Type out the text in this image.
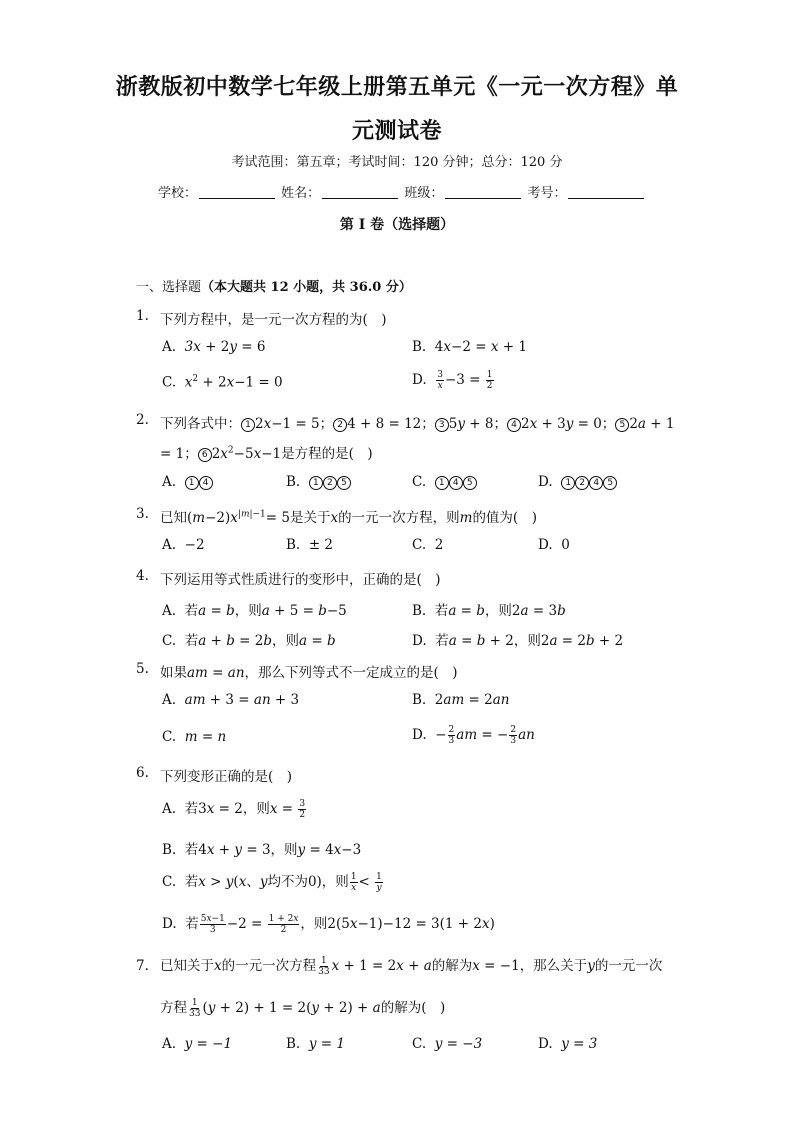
浙教版初中数学七年级上册第五单元《一元一次方程》单
元测试卷
考试范围：第五章；考试时间：120 分钟；总分：120 分
学校：	姓名：	班级：	考号：
第 I 卷（选择题）
一、选择题（本大题共 12 小题，共 36.0 分）
1. 下列方程中，是一元一次方程的为(　)
A. 3x + 2y = 6	B.  4x−2 = x + 1
C. $x^2 + 2x-1 = 0$	D. $\frac{3}{x} -3 = \frac{1}{2}$
2. 下列各式中： 1 2x−1 = 5； 2 4 + 8 = 12； 3 5y + 8； 4 2x + 3y = 0； 5 2a + 1
= 1； 6 $2x^2-5x-1$是方程的是(　)
A. 1 4	B. 1 2 5	C. 1 4 5	D. 1 2 4 5
3. 已知$(m-2)x^{|m|-1}= 5$是关于x的一元一次方程，则m的值为(　)
A. −2	B. ± 2	C. 2	D. 0
4. 下列运用等式性质进行的变形中，正确的是(　)
A. 若a = b，则a + 5 = b−5	B.  若a = b，则2a = 3b
C.  若a + b = 2b，则a = b	D.  若a = b + 2，则2a = 2b + 2
5. 如果am = an，那么下列等式不一定成立的是(　)
A. am + 3 = an + 3	B.  2am = 2an
C. m = n	D.  − $\frac{2}{3}$ am = − $\frac{2}{3}$ an
6. 下列变形正确的是(　)
A.  若3x = 2，则$x = \frac{3}{2}$
B.  若4x + y = 3，则y = 4x−3
C.  若x > y(x、y均不为0)，则 $\frac{1}{x} < \frac{1}{y}$
D.  若 $\frac{5x-1}{3} -2 = \frac{1 + 2x}{2}$ ，则2(5x−1)−12 = 3(1 + 2x)
7. 已知关于x的一元一次方程 $\frac{1}{33}$ x + 1 = 2x + a的解为x = −1，那么关于y的一元一次
方程 $\frac{1}{33} (y + 2) + 1 = 2(y + 2) + a$的解为(　)
A. y = −1	B. y = 1	C. y = −3	D. y = 3
